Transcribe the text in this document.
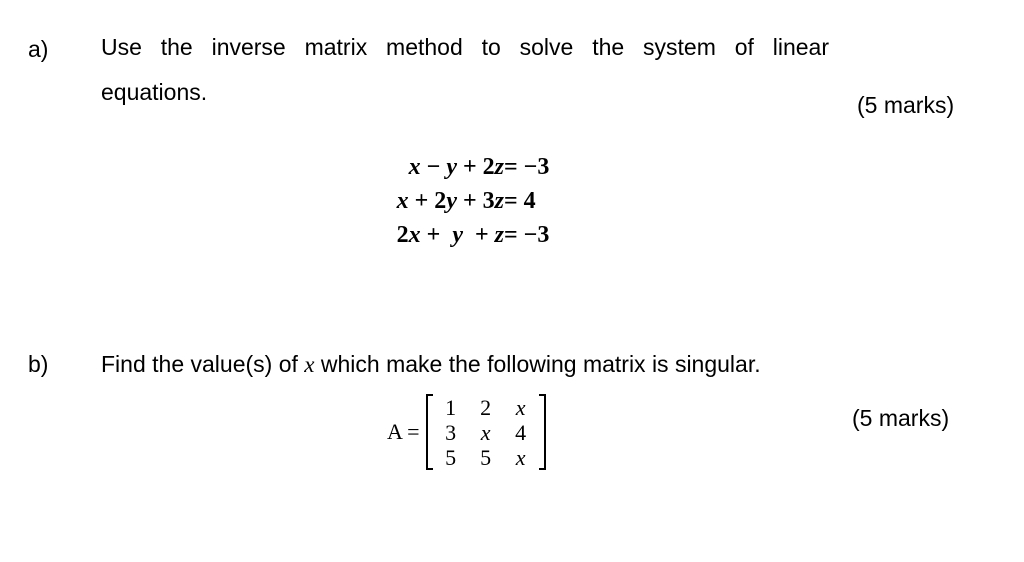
a) Use the inverse matrix method to solve the system of linear
equations.	(5 marks)
x − y + 2z = −3
x + 2y + 3z = 4
2x +  y  + z = −3
b) Find the value(s) of x which make the following matrix is singular.
A =
1	2	x
3	x	4
5	5	x
(5 marks)
